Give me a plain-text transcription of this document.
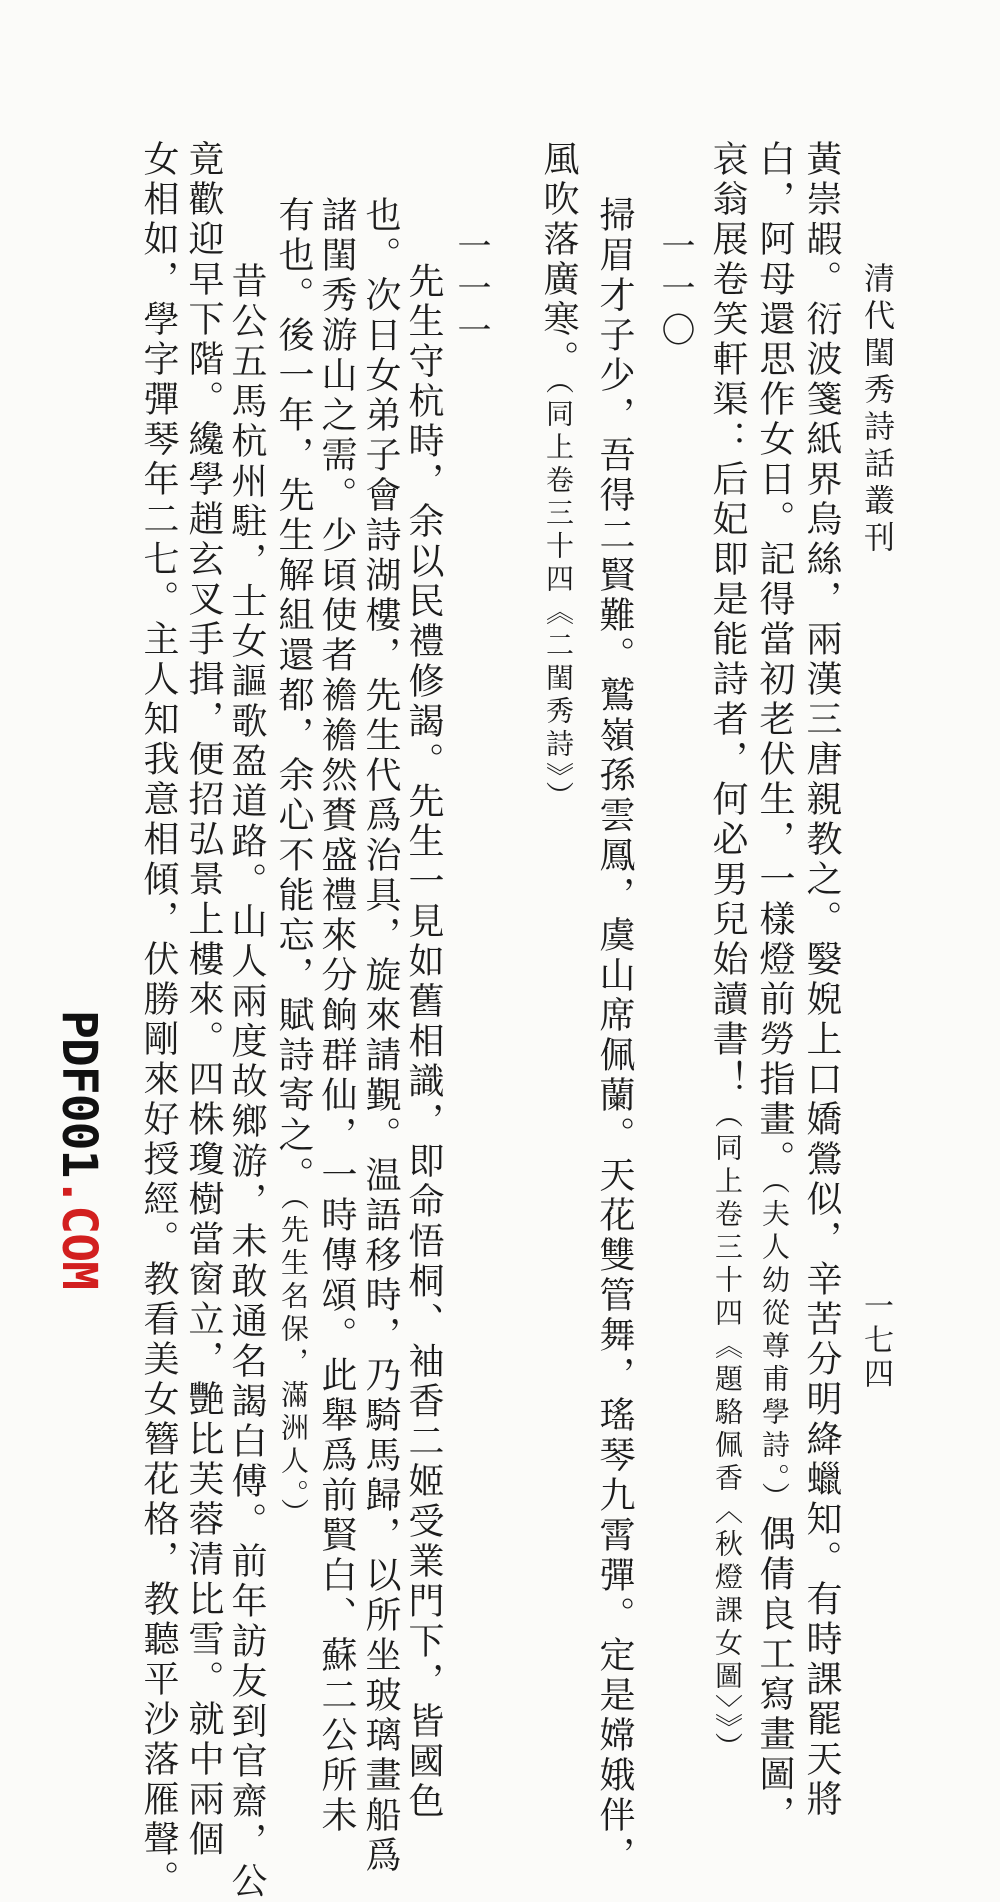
清代閨秀詩話叢刊
一七四
黃崇嘏。衍波箋紙界烏絲，兩漢三唐親教之。嫛婗上口嬌鶯似，辛苦分明絳蠟知。有時課罷天將
白，阿母還思作女日。記得當初老伏生，一樣燈前勞指畫。（夫人幼從尊甫學詩。）偶倩良工寫畫圖，
哀翁展卷笑軒渠：后妃即是能詩者，何必男兒始讀書！（同上卷三十四《題駱佩香〈秋燈課女圖〉》）
一一〇
掃眉才子少，吾得二賢難。鷲嶺孫雲鳳，虞山席佩蘭。天花雙管舞，瑤琴九霄彈。定是嫦娥伴，
風吹落廣寒。（同上卷三十四《二閨秀詩》）
一一一
先生守杭時，余以民禮修謁。先生一見如舊相識，即命悟桐、袖香二姬受業門下，皆國色
也。次日女弟子會詩湖樓，先生代爲治具，旋來請覲。温語移時，乃騎馬歸，以所坐玻璃畫船爲
諸閨秀游山之需。少頃使者襜襜然賚盛禮來分餉群仙，一時傳頌。此舉爲前賢白、蘇二公所未
有也。後一年，先生解組還都，余心不能忘，賦詩寄之。（先生名保，滿洲人。）
昔公五馬杭州駐，士女謳歌盈道路。山人兩度故鄉游，未敢通名謁白傅。前年訪友到官齋，公
竟歡迎早下階。纔學趙玄叉手揖，便招弘景上樓來。四株瓊樹當窗立，艷比芙蓉清比雪。就中兩個
女相如，學字彈琴年二七。主人知我意相傾，伏勝剛來好授經。教看美女簪花格，教聽平沙落雁聲。
PDF001.COM
